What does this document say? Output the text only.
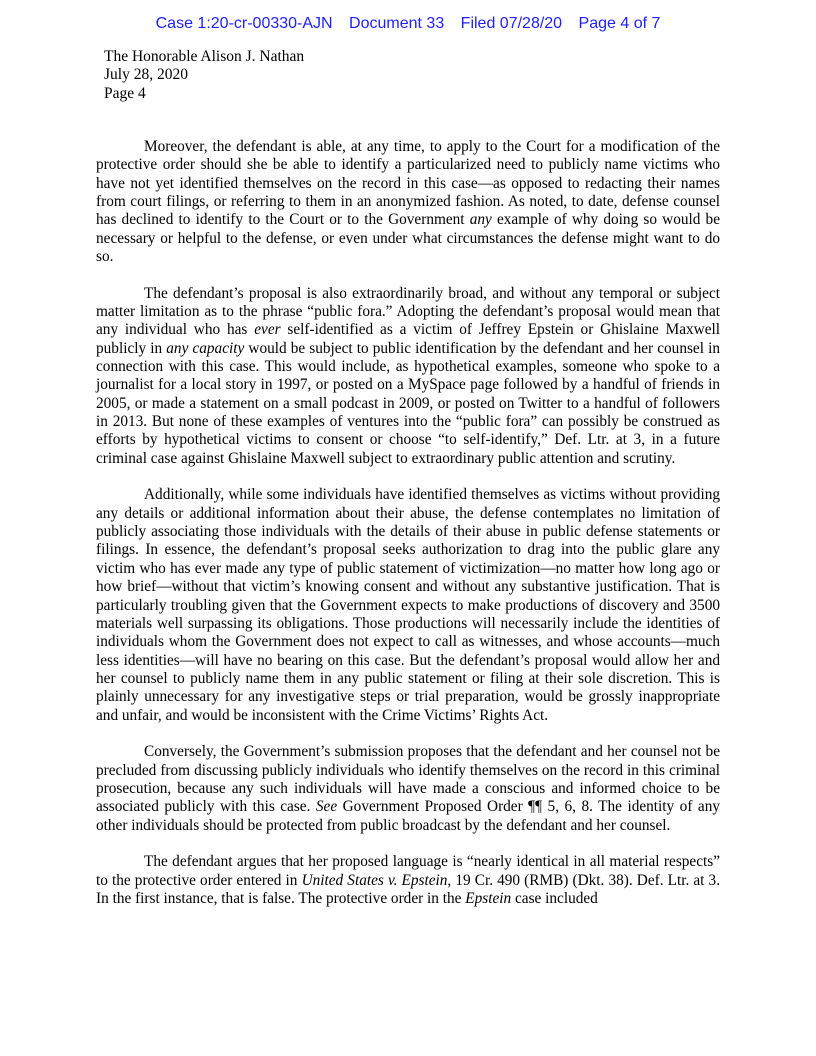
Case 1:20-cr-00330-AJN Document 33 Filed 07/28/20 Page 4 of 7
The Honorable Alison J. Nathan
July 28, 2020
Page 4

Moreover, the defendant is able, at any time, to apply to the Court for a modification of the protective order should she be able to identify a particularized need to publicly name victims who have not yet identified themselves on the record in this case—as opposed to redacting their names from court filings, or referring to them in an anonymized fashion. As noted, to date, defense counsel has declined to identify to the Court or to the Government any example of why doing so would be necessary or helpful to the defense, or even under what circumstances the defense might want to do so.

The defendant’s proposal is also extraordinarily broad, and without any temporal or subject matter limitation as to the phrase “public fora.” Adopting the defendant’s proposal would mean that any individual who has ever self-identified as a victim of Jeffrey Epstein or Ghislaine Maxwell publicly in any capacity would be subject to public identification by the defendant and her counsel in connection with this case. This would include, as hypothetical examples, someone who spoke to a journalist for a local story in 1997, or posted on a MySpace page followed by a handful of friends in 2005, or made a statement on a small podcast in 2009, or posted on Twitter to a handful of followers in 2013. But none of these examples of ventures into the “public fora” can possibly be construed as efforts by hypothetical victims to consent or choose “to self-identify,” Def. Ltr. at 3, in a future criminal case against Ghislaine Maxwell subject to extraordinary public attention and scrutiny.

Additionally, while some individuals have identified themselves as victims without providing any details or additional information about their abuse, the defense contemplates no limitation of publicly associating those individuals with the details of their abuse in public defense statements or filings. In essence, the defendant’s proposal seeks authorization to drag into the public glare any victim who has ever made any type of public statement of victimization—no matter how long ago or how brief—without that victim’s knowing consent and without any substantive justification. That is particularly troubling given that the Government expects to make productions of discovery and 3500 materials well surpassing its obligations. Those productions will necessarily include the identities of individuals whom the Government does not expect to call as witnesses, and whose accounts—much less identities—will have no bearing on this case. But the defendant’s proposal would allow her and her counsel to publicly name them in any public statement or filing at their sole discretion. This is plainly unnecessary for any investigative steps or trial preparation, would be grossly inappropriate and unfair, and would be inconsistent with the Crime Victims’ Rights Act.

Conversely, the Government’s submission proposes that the defendant and her counsel not be precluded from discussing publicly individuals who identify themselves on the record in this criminal prosecution, because any such individuals will have made a conscious and informed choice to be associated publicly with this case. See Government Proposed Order ¶¶ 5, 6, 8. The identity of any other individuals should be protected from public broadcast by the defendant and her counsel.

The defendant argues that her proposed language is “nearly identical in all material respects” to the protective order entered in United States v. Epstein, 19 Cr. 490 (RMB) (Dkt. 38). Def. Ltr. at 3. In the first instance, that is false. The protective order in the Epstein case included
